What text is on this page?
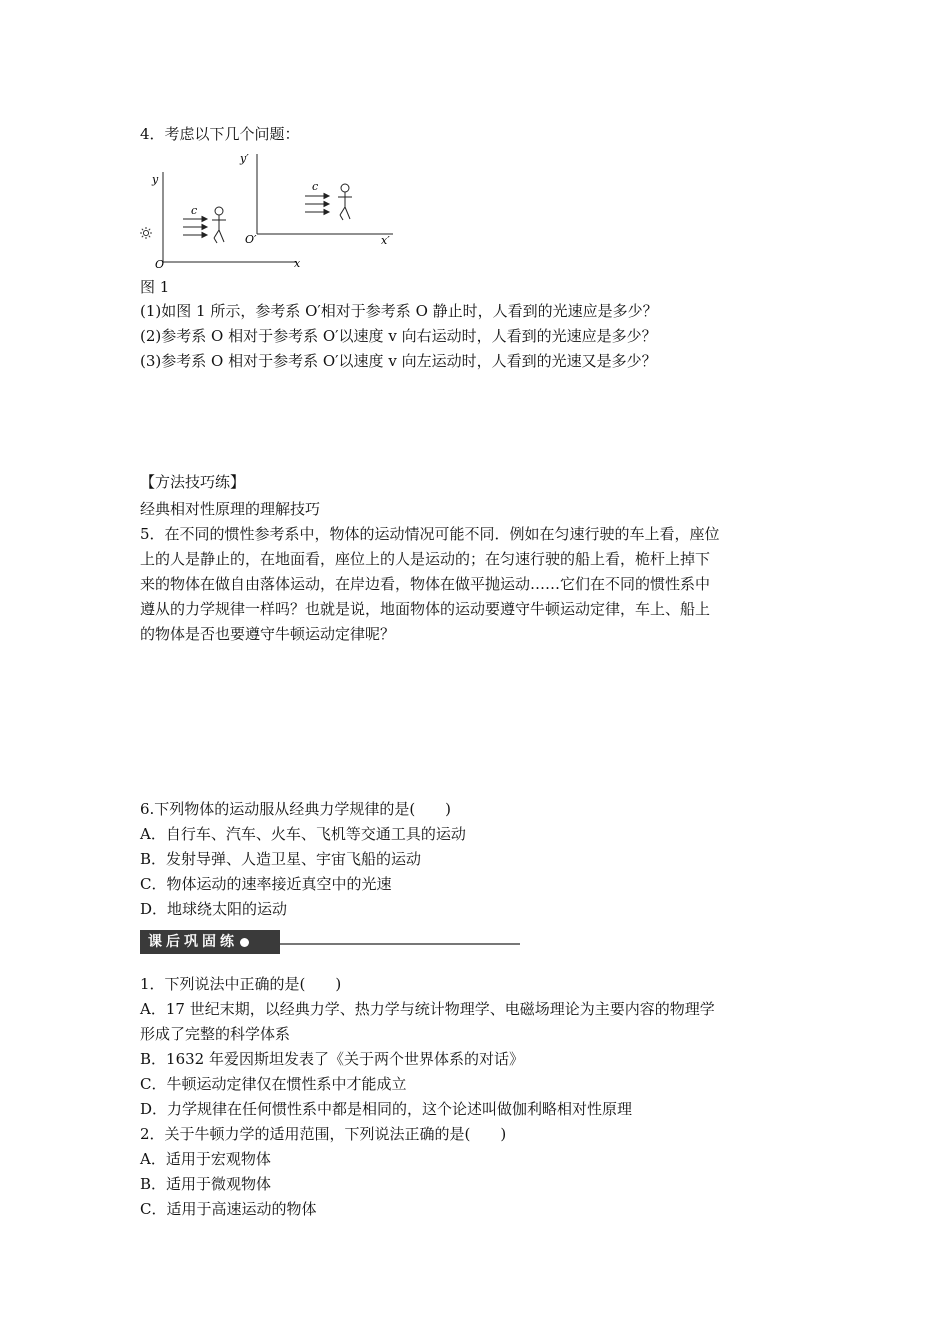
4．考虑以下几个问题：
图 1
(1)如图 1 所示，参考系 O′相对于参考系 O 静止时，人看到的光速应是多少？
(2)参考系 O 相对于参考系 O′以速度 v 向右运动时，人看到的光速应是多少？
(3)参考系 O 相对于参考系 O′以速度 v 向左运动时，人看到的光速又是多少？
【方法技巧练】
经典相对性原理的理解技巧
5．在不同的惯性参考系中，物体的运动情况可能不同．例如在匀速行驶的车上看，座位
上的人是静止的，在地面看，座位上的人是运动的；在匀速行驶的船上看，桅杆上掉下
来的物体在做自由落体运动，在岸边看，物体在做平抛运动……它们在不同的惯性系中
遵从的力学规律一样吗？也就是说，地面物体的运动要遵守牛顿运动定律，车上、船上
的物体是否也要遵守牛顿运动定律呢？
6.下列物体的运动服从经典力学规律的是(　　)
A．自行车、汽车、火车、飞机等交通工具的运动
B．发射导弹、人造卫星、宇宙飞船的运动
C．物体运动的速率接近真空中的光速
D．地球绕太阳的运动
1．下列说法中正确的是(　　)
A．17 世纪末期，以经典力学、热力学与统计物理学、电磁场理论为主要内容的物理学
形成了完整的科学体系
B．1632 年爱因斯坦发表了《关于两个世界体系的对话》
C．牛顿运动定律仅在惯性系中才能成立
D．力学规律在任何惯性系中都是相同的，这个论述叫做伽利略相对性原理
2．关于牛顿力学的适用范围，下列说法正确的是(　　)
A．适用于宏观物体
B．适用于微观物体
C．适用于高速运动的物体
y
x
O
c
y′
x′
O′
c
课后巩固练
